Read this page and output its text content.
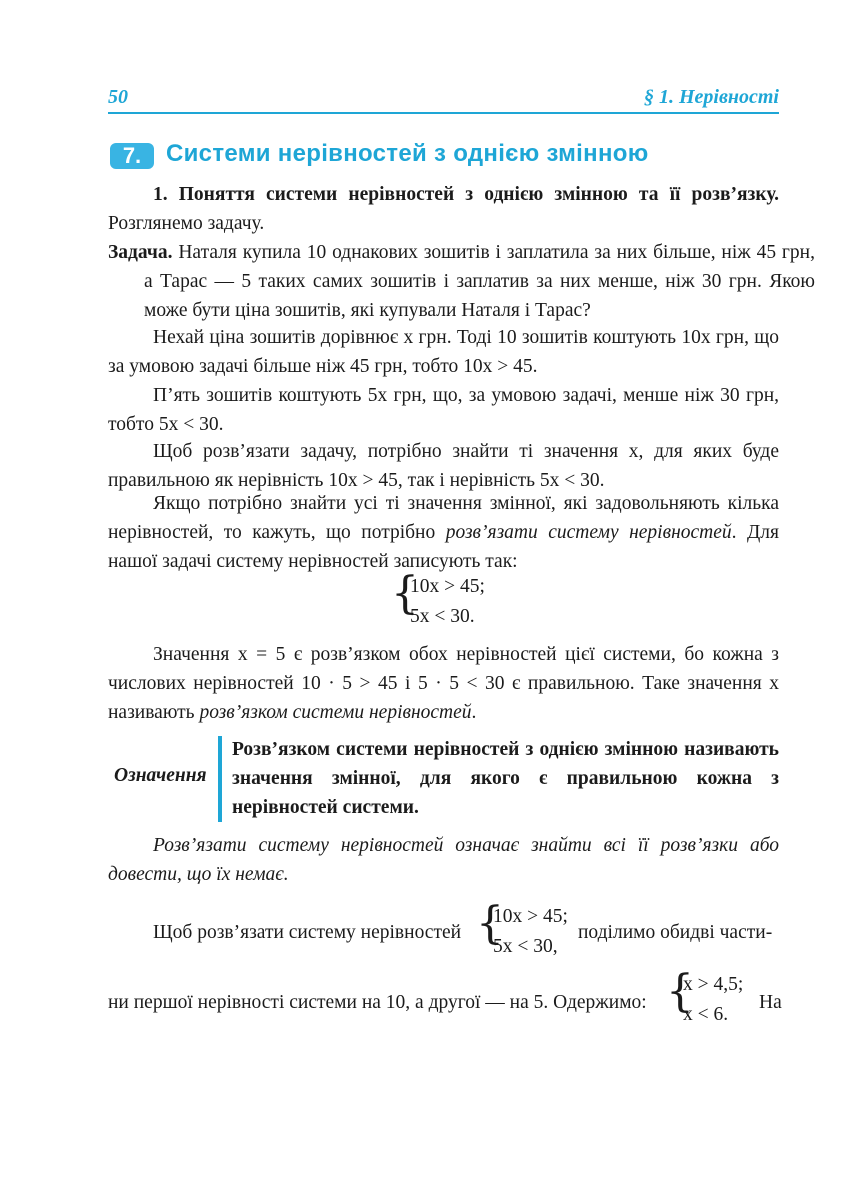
50	§ 1. Нерівності
7.	Системи нерівностей з однією змінною
1. Поняття системи нерівностей з однією змінною та її розв’язку. Розглянемо задачу.
Задача. Наталя купила 10 однакових зошитів і заплатила за них більше, ніж 45 грн, а Тарас — 5 таких самих зошитів і заплатив за них менше, ніж 30 грн. Якою може бути ціна зошитів, які купували Наталя і Тарас?
Нехай ціна зошитів дорівнює x грн. Тоді 10 зошитів коштують 10x грн, що за умовою задачі більше ніж 45 грн, тобто 10x > 45.
П’ять зошитів коштують 5x грн, що, за умовою задачі, менше ніж 30 грн, тобто 5x < 30.
Щоб розв’язати задачу, потрібно знайти ті значення x, для яких буде правильною як нерівність 10x > 45, так і нерівність 5x < 30.
Якщо потрібно знайти усі ті значення змінної, які задовольняють кілька нерівностей, то кажуть, що потрібно розв’язати систему нерівностей. Для нашої задачі систему нерівностей записують так:
{
10x > 45;
5x < 30.
Значення x = 5 є розв’язком обох нерівностей цієї системи, бо кожна з числових нерівностей 10 · 5 > 45 і 5 · 5 < 30 є правильною. Таке значення x називають розв’язком системи нерівностей.
Означення
Розв’язком системи нерівностей з однією змінною називають значення змінної, для якого є правильною кожна з нерівностей системи.
Розв’язати систему нерівностей означає знайти всі її розв’язки або довести, що їх немає.
Щоб розв’язати систему нерівностей {
10x > 45;
5x < 30,
поділимо обидві части-
ни першої нерівності системи на 10, а другої — на 5. Одержимо: {
x > 4,5;
x < 6.
На
